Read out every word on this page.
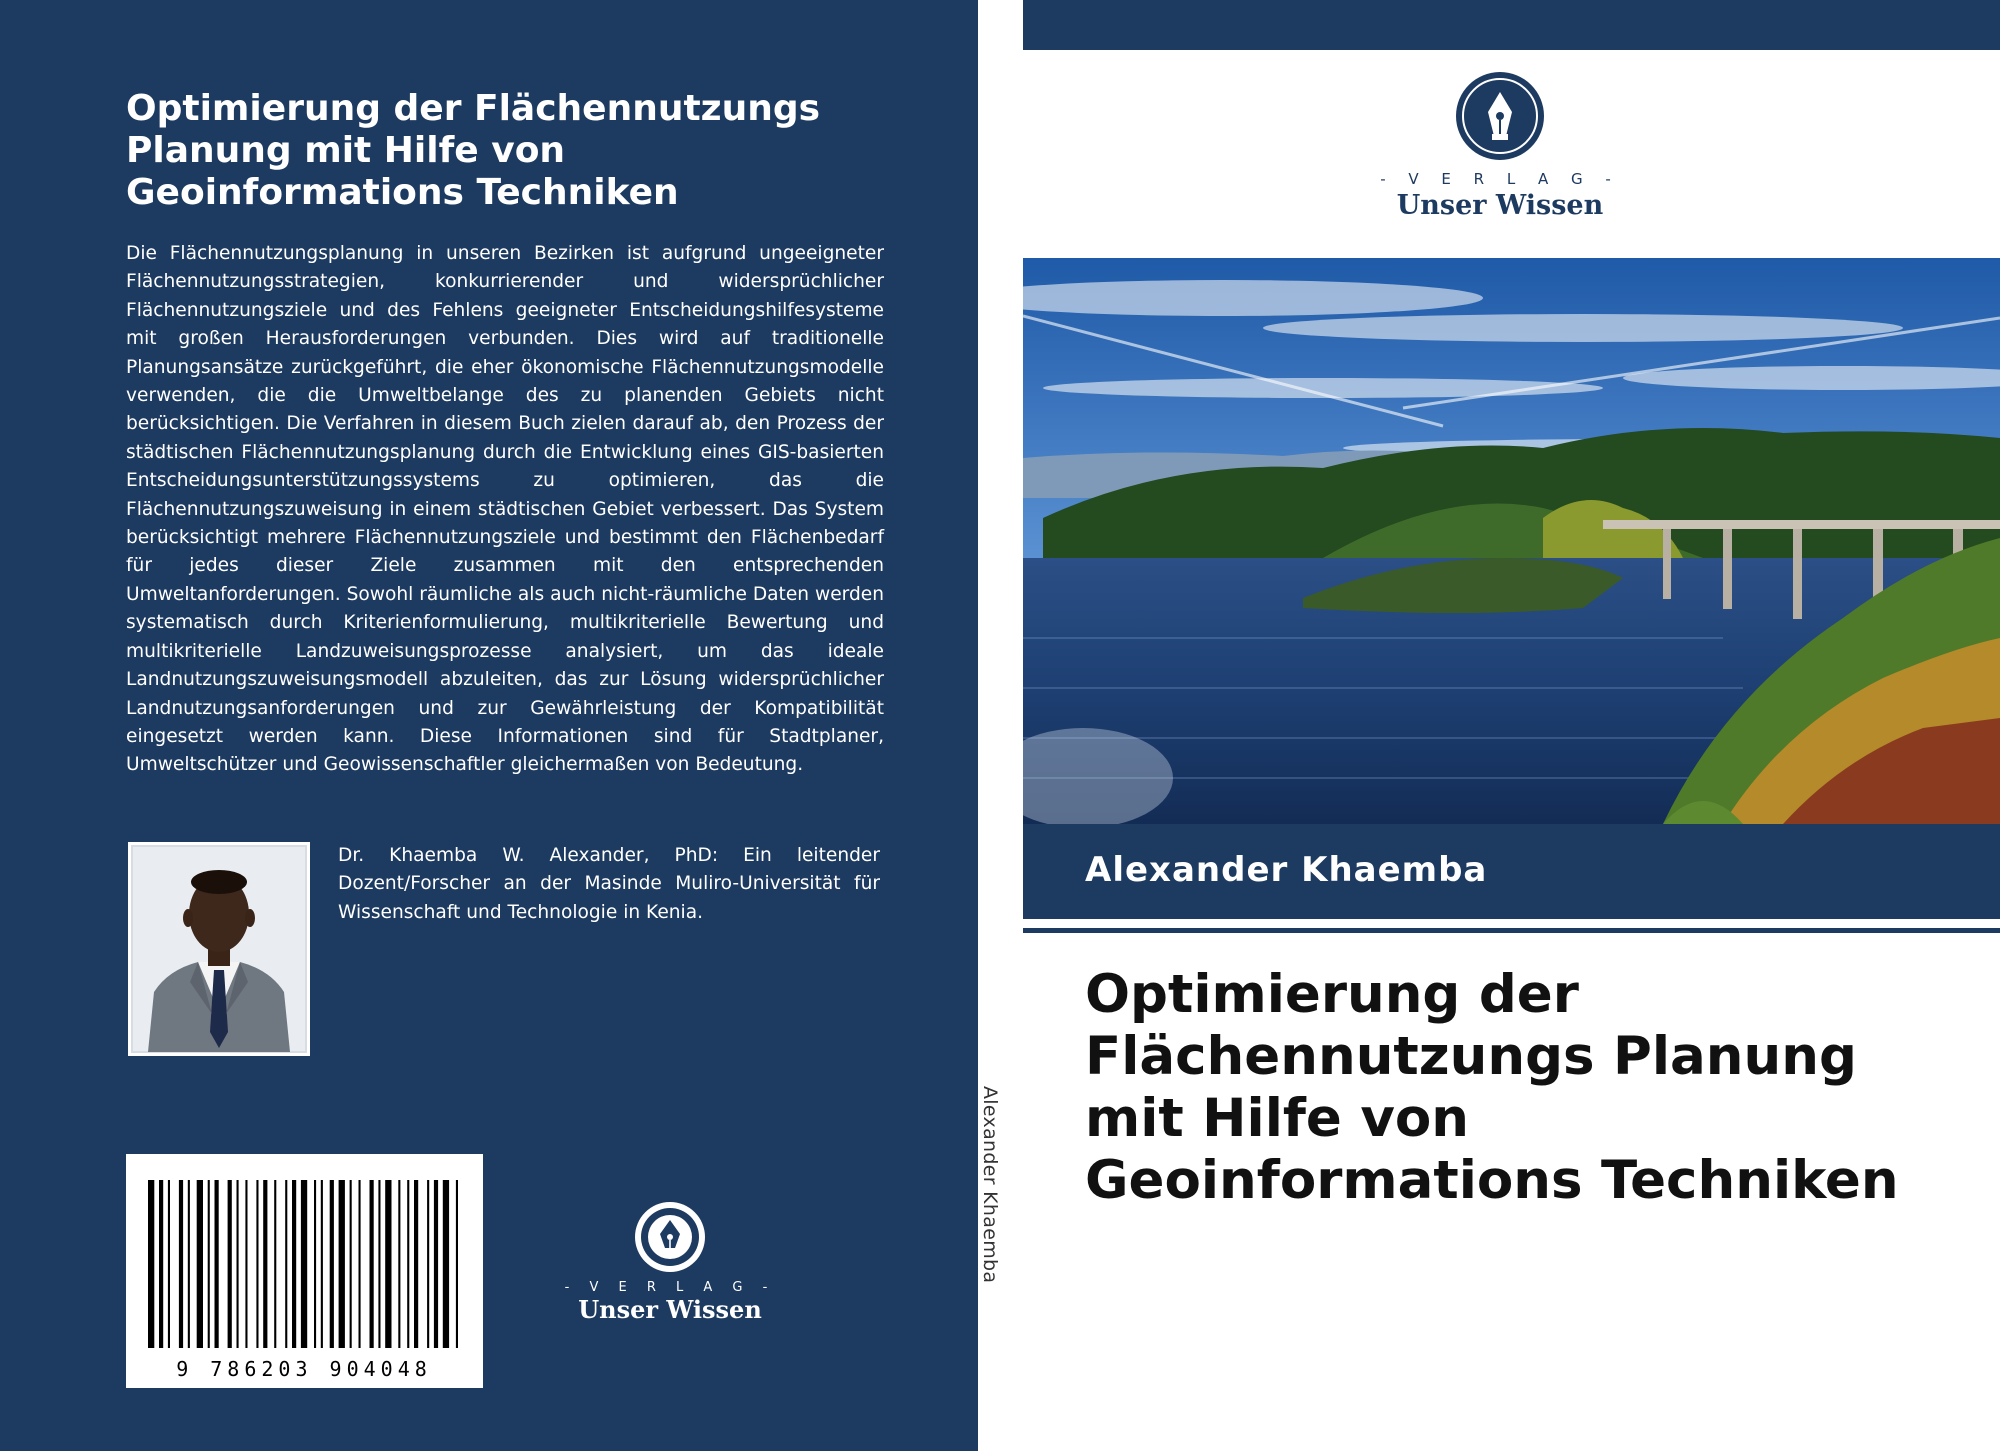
Optimierung der Flächennutzungs Planung mit Hilfe von Geoinformations Techniken

Die Flächennutzungsplanung in unseren Bezirken ist aufgrund ungeeigneter Flächennutzungsstrategien, konkurrierender und widersprüchlicher Flächennutzungsziele und des Fehlens geeigneter Entscheidungshilfesysteme mit großen Herausforderungen verbunden. Dies wird auf traditionelle Planungsansätze zurückgeführt, die eher ökonomische Flächennutzungsmodelle verwenden, die die Umweltbelange des zu planenden Gebiets nicht berücksichtigen. Die Verfahren in diesem Buch zielen darauf ab, den Prozess der städtischen Flächennutzungsplanung durch die Entwicklung eines GIS-basierten Entscheidungsunterstützungssystems zu optimieren, das die Flächennutzungszuweisung in einem städtischen Gebiet verbessert. Das System berücksichtigt mehrere Flächennutzungsziele und bestimmt den Flächenbedarf für jedes dieser Ziele zusammen mit den entsprechenden Umweltanforderungen. Sowohl räumliche als auch nicht-räumliche Daten werden systematisch durch Kriterienformulierung, multikriterielle Bewertung und multikriterielle Landzuweisungsprozesse analysiert, um das ideale Landnutzungszuweisungsmodell abzuleiten, das zur Lösung widersprüchlicher Landnutzungsanforderungen und zur Gewährleistung der Kompatibilität eingesetzt werden kann. Diese Informationen sind für Stadtplaner, Umweltschützer und Geowissenschaftler gleichermaßen von Bedeutung.

Dr. Khaemba W. Alexander, PhD: Ein leitender Dozent/Forscher an der Masinde Muliro-Universität für Wissenschaft und Technologie in Kenia.

9 786203 904048
- V E R L A G -
Unser Wissen
Alexander Khaemba
- V E R L A G -
Unser Wissen
Alexander Khaemba
Optimierung der Flächennutzungs Planung mit Hilfe von Geoinformations Techniken
